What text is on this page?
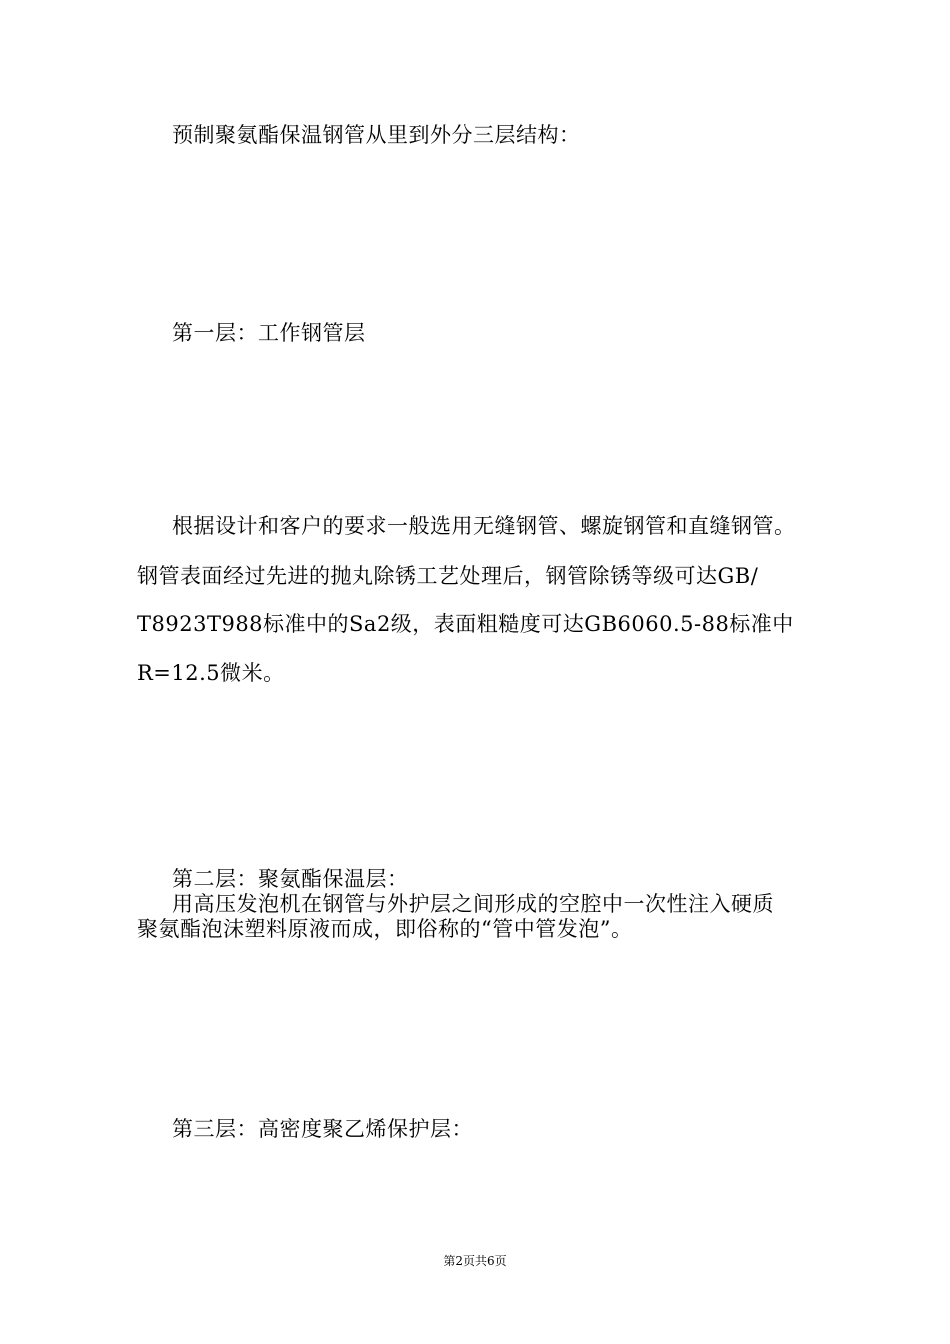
预制聚氨酯保温钢管从里到外分三层结构：
第一层：工作钢管层
根据设计和客户的要求一般选用无缝钢管、螺旋钢管和直缝钢管。
钢管表面经过先进的抛丸除锈工艺处理后，钢管除锈等级可达GB/
T8923T988标准中的Sa2级，表面粗糙度可达GB6060.5-88标准中
R=12.5微米。
第二层：聚氨酯保温层：
用高压发泡机在钢管与外护层之间形成的空腔中一次性注入硬质
聚氨酯泡沫塑料原液而成，即俗称的“管中管发泡”。
第三层：高密度聚乙烯保护层：
第2页共6页
